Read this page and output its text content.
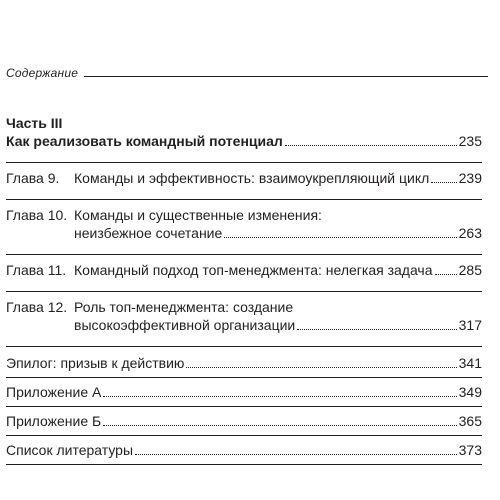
Содержание
Часть III
Как реализовать командный потенциал	235
Глава 9.	Команды и эффективность: взаимоукрепляющий цикл 239
Глава 10. Команды и существенные изменения:
неизбежное сочетание	263
Глава 11. Командный подход топ-менеджмента: нелегкая задача 285
Глава 12. Роль топ-менеджмента: создание
высокоэффективной организации	317
Эпилог: призыв к действию	341
Приложение А	349
Приложение Б	365
Список литературы	373
